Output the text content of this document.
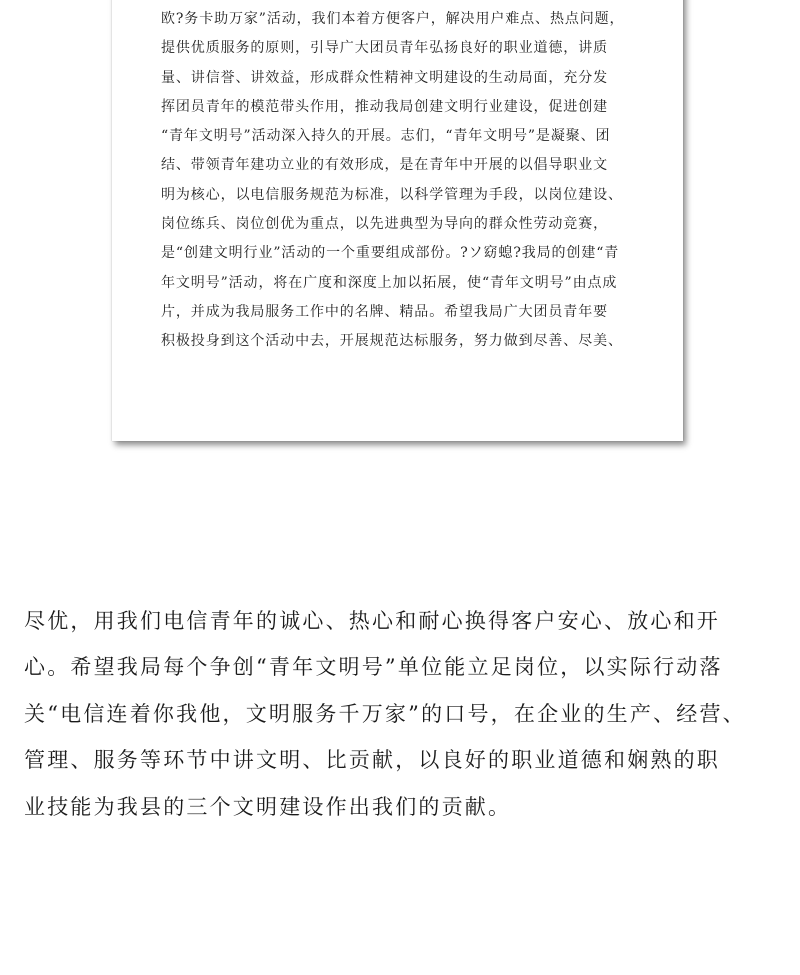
欧?务卡助万家”活动，我们本着方便客户，解决用户难点、热点问题，
提供优质服务的原则，引导广大团员青年弘扬良好的职业道德，讲质
量、讲信誉、讲效益，形成群众性精神文明建设的生动局面，充分发
挥团员青年的模范带头作用，推动我局创建文明行业建设，促进创建
“青年文明号”活动深入持久的开展。志们，“青年文明号”是凝聚、团
结、带领青年建功立业的有效形成，是在青年中开展的以倡导职业文
明为核心，以电信服务规范为标准，以科学管理为手段，以岗位建设、
岗位练兵、岗位创优为重点，以先进典型为导向的群众性劳动竞赛，
是“创建文明行业”活动的一个重要组成部份。?ソ窈螅?我局的创建“青
年文明号”活动，将在广度和深度上加以拓展，使“青年文明号”由点成
片，并成为我局服务工作中的名牌、精品。希望我局广大团员青年要
积极投身到这个活动中去，开展规范达标服务，努力做到尽善、尽美、
尽优，用我们电信青年的诚心、热心和耐心换得客户安心、放心和开
心。希望我局每个争创“青年文明号”单位能立足岗位，以实际行动落
关“电信连着你我他，文明服务千万家”的口号，在企业的生产、经营、
管理、服务等环节中讲文明、比贡献，以良好的职业道德和娴熟的职
业技能为我县的三个文明建设作出我们的贡献。
